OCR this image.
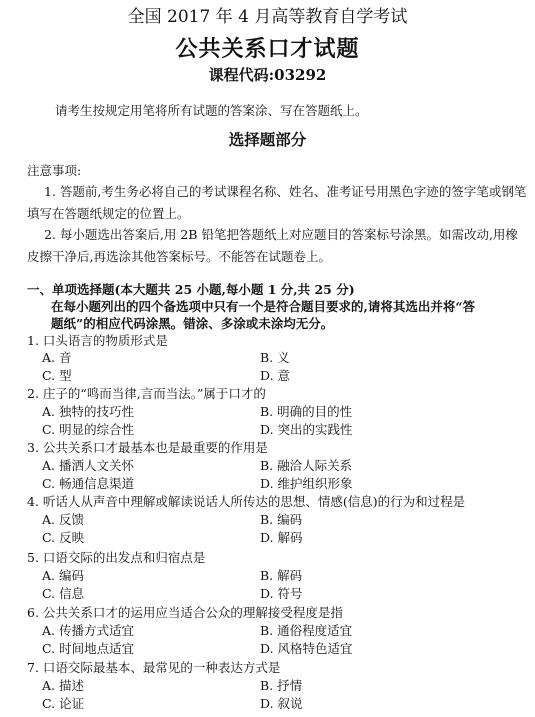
全国 2017 年 4 月高等教育自学考试
公共关系口才试题
课程代码:03292
请考生按规定用笔将所有试题的答案涂、写在答题纸上。
选择题部分
注意事项:
1. 答题前,考生务必将自己的考试课程名称、姓名、准考证号用黑色字迹的签字笔或钢笔
填写在答题纸规定的位置上。
2. 每小题选出答案后,用 2B 铅笔把答题纸上对应题目的答案标号涂黑。如需改动,用橡
皮擦干净后,再选涂其他答案标号。不能答在试题卷上。
一、单项选择题(本大题共 25 小题,每小题 1 分,共 25 分)
在每小题列出的四个备选项中只有一个是符合题目要求的,请将其选出并将“答
题纸”的相应代码涂黑。错涂、多涂或未涂均无分。
1. 口头语言的物质形式是
A. 音	B. 义
C. 型	D. 意
2. 庄子的“鸣而当律,言而当法。”属于口才的
A. 独特的技巧性	B. 明确的目的性
C. 明显的综合性	D. 突出的实践性
3. 公共关系口才最基本也是最重要的作用是
A. 播洒人文关怀	B. 融洽人际关系
C. 畅通信息渠道	D. 维护组织形象
4. 听话人从声音中理解或解读说话人所传达的思想、情感(信息)的行为和过程是
A. 反馈	B. 编码
C. 反映	D. 解码
5. 口语交际的出发点和归宿点是
A. 编码	B. 解码
C. 信息	D. 符号
6. 公共关系口才的运用应当适合公众的理解接受程度是指
A. 传播方式适宜	B. 通俗程度适宜
C. 时间地点适宜	D. 风格特色适宜
7. 口语交际最基本、最常见的一种表达方式是
A. 描述	B. 抒情
C. 论证	D. 叙说
